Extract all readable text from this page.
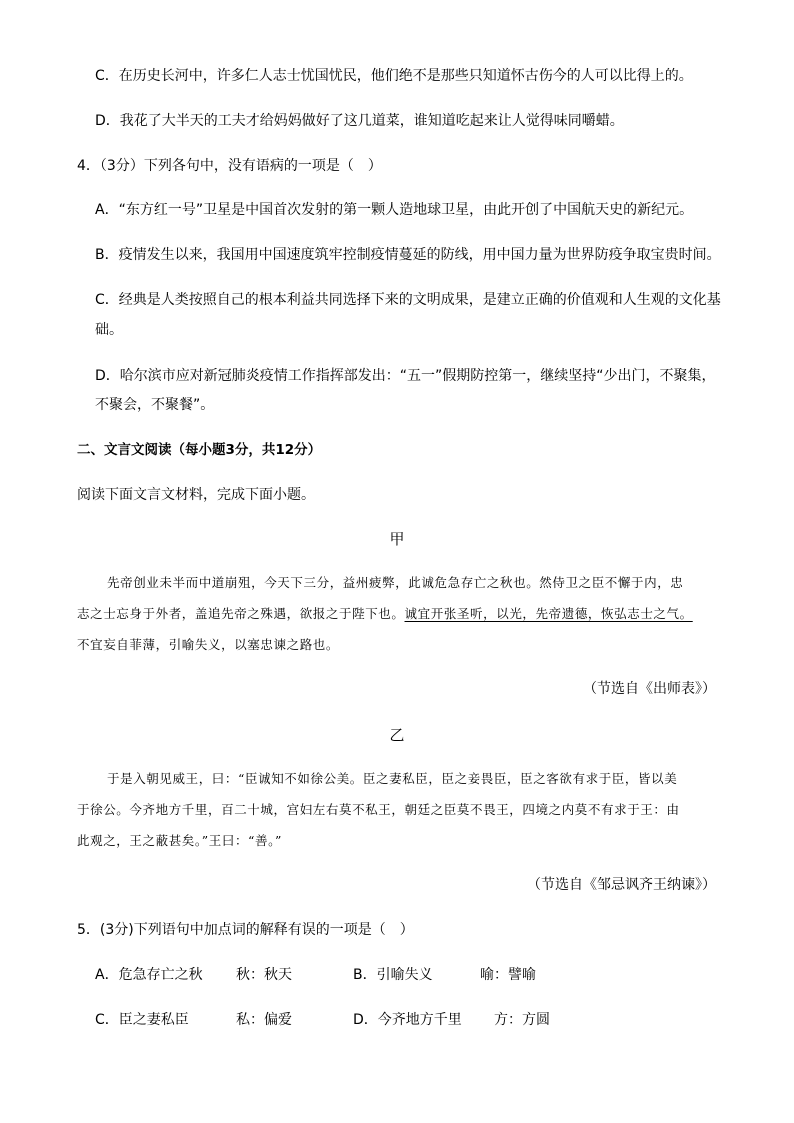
C．在历史长河中，许多仁人志士忧国忧民，他们绝不是那些只知道怀古伤今的人可以比得上的。
D．我花了大半天的工夫才给妈妈做好了这几道菜，谁知道吃起来让人觉得味同嚼蜡。
4．（3分）下列各句中，没有语病的一项是（　）
A．“东方红一号”卫星是中国首次发射的第一颗人造地球卫星，由此开创了中国航天史的新纪元。
B．疫情发生以来，我国用中国速度筑牢控制疫情蔓延的防线，用中国力量为世界防疫争取宝贵时间。
C．经典是人类按照自己的根本利益共同选择下来的文明成果，是建立正确的价值观和人生观的文化基
础。
D．哈尔滨市应对新冠肺炎疫情工作指挥部发出：“五一”假期防控第一，继续坚持“少出门，不聚集，
不聚会，不聚餐”。
二、文言文阅读（每小题3分，共12分）
阅读下面文言文材料，完成下面小题。
甲
先帝创业未半而中道崩殂，今天下三分，益州疲弊，此诚危急存亡之秋也。然侍卫之臣不懈于内，忠
志之士忘身于外者，盖追先帝之殊遇，欲报之于陛下也。诚宜开张圣听，以光，先帝遗德，恢弘志士之气。
不宜妄自菲薄，引喻失义，以塞忠谏之路也。
（节选自《出师表》）
乙
于是入朝见威王，曰：“臣诚知不如徐公美。臣之妻私臣，臣之妾畏臣，臣之客欲有求于臣，皆以美
于徐公。今齐地方千里，百二十城，宫妇左右莫不私王，朝廷之臣莫不畏王，四境之内莫不有求于王：由
此观之，王之蔽甚矣。”王曰：“善。”
（节选自《邹忌讽齐王纳谏》）
5．(3分)下列语句中加点词的解释有误的一项是（　）
A．危急存亡之秋 秋：秋天	B．引喻失义	喻：譬喻
C．臣之妻私臣	私：偏爱	D．今齐地方千里 方：方圆
